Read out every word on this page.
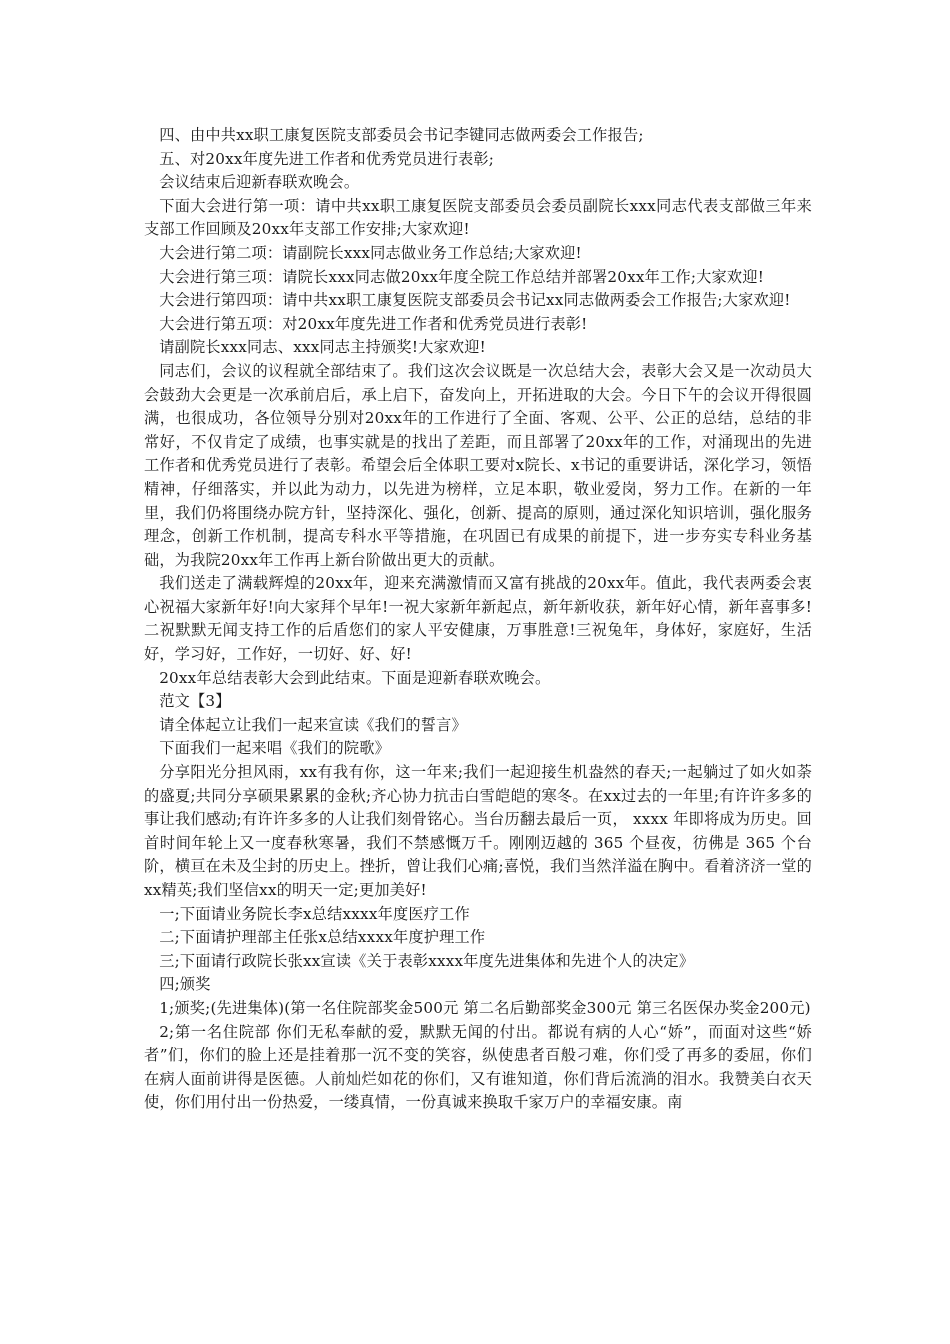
四、由中共xx职工康复医院支部委员会书记李键同志做两委会工作报告;

五、对20xx年度先进工作者和优秀党员进行表彰;

会议结束后迎新春联欢晚会。

下面大会进行第一项：请中共xx职工康复医院支部委员会委员副院长xxx同志代表支部做三年来支部工作回顾及20xx年支部工作安排;大家欢迎!

大会进行第二项：请副院长xxx同志做业务工作总结;大家欢迎!

大会进行第三项：请院长xxx同志做20xx年度全院工作总结并部署20xx年工作;大家欢迎!

大会进行第四项：请中共xx职工康复医院支部委员会书记xx同志做两委会工作报告;大家欢迎!

大会进行第五项：对20xx年度先进工作者和优秀党员进行表彰!

请副院长xxx同志、xxx同志主持颁奖!大家欢迎!

同志们，会议的议程就全部结束了。我们这次会议既是一次总结大会，表彰大会又是一次动员大会鼓劲大会更是一次承前启后，承上启下，奋发向上，开拓进取的大会。今日下午的会议开得很圆满，也很成功，各位领导分别对20xx年的工作进行了全面、客观、公平、公正的总结，总结的非常好，不仅肯定了成绩，也事实就是的找出了差距，而且部署了20xx年的工作，对涌现出的先进工作者和优秀党员进行了表彰。希望会后全体职工要对x院长、x书记的重要讲话，深化学习，领悟精神，仔细落实，并以此为动力，以先进为榜样，立足本职，敬业爱岗，努力工作。在新的一年里，我们仍将围绕办院方针，坚持深化、强化，创新、提高的原则，通过深化知识培训，强化服务理念，创新工作机制，提高专科水平等措施，在巩固已有成果的前提下，进一步夯实专科业务基础，为我院20xx年工作再上新台阶做出更大的贡献。

我们送走了满载辉煌的20xx年，迎来充满激情而又富有挑战的20xx年。值此，我代表两委会衷心祝福大家新年好!向大家拜个早年!一祝大家新年新起点，新年新收获，新年好心情，新年喜事多!二祝默默无闻支持工作的后盾您们的家人平安健康，万事胜意!三祝兔年，身体好，家庭好，生活好，学习好，工作好，一切好、好、好!

20xx年总结表彰大会到此结束。下面是迎新春联欢晚会。

范文【3】

请全体起立让我们一起来宣读《我们的誓言》

下面我们一起来唱《我们的院歌》

分享阳光分担风雨，xx有我有你，这一年来;我们一起迎接生机盎然的春天;一起躺过了如火如荼的盛夏;共同分享硕果累累的金秋;齐心协力抗击白雪皑皑的寒冬。在xx过去的一年里;有许许多多的事让我们感动;有许许多多的人让我们刻骨铭心。当台历翻去最后一页， xxxx 年即将成为历史。回首时间年轮上又一度春秋寒暑，我们不禁感慨万千。刚刚迈越的 365 个昼夜，彷佛是 365 个台阶，横亘在未及尘封的历史上。挫折，曾让我们心痛;喜悦，我们当然洋溢在胸中。看着济济一堂的xx精英;我们坚信xx的明天一定;更加美好!

一;下面请业务院长李x总结xxxx年度医疗工作

二;下面请护理部主任张x总结xxxx年度护理工作

三;下面请行政院长张xx宣读《关于表彰xxxx年度先进集体和先进个人的决定》

四;颁奖

1;颁奖;(先进集体)(第一名住院部奖金500元 第二名后勤部奖金300元 第三名医保办奖金200元)

2;第一名住院部 你们无私奉献的爱，默默无闻的付出。都说有病的人心“娇”，而面对这些“娇者”们，你们的脸上还是挂着那一沉不变的笑容，纵使患者百般刁难，你们受了再多的委屈，你们在病人面前讲得是医德。人前灿烂如花的你们，又有谁知道，你们背后流淌的泪水。我赞美白衣天使，你们用付出一份热爱，一缕真情，一份真诚来换取千家万户的幸福安康。南
